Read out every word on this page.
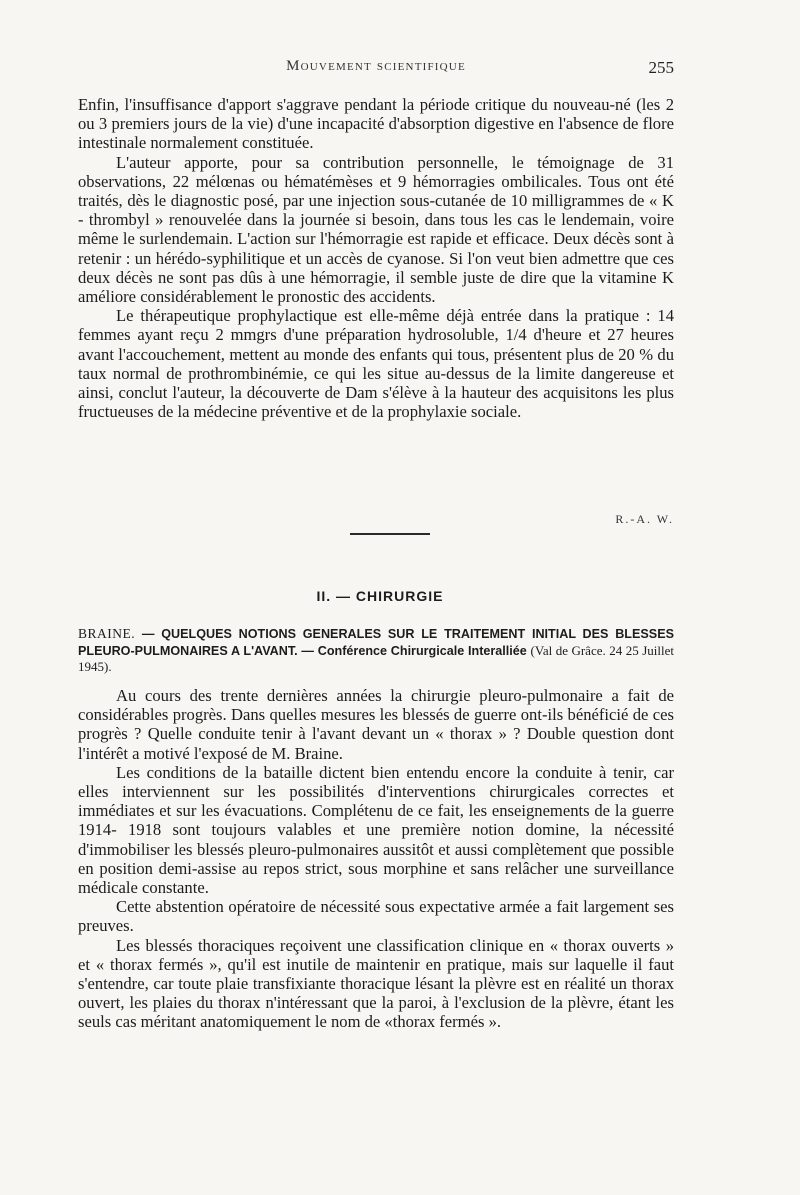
Mouvement scientifique	255

Enfin, l'insuffisance d'apport s'aggrave pendant la période critique du nouveau-né (les 2 ou 3 premiers jours de la vie) d'une incapacité d'absorption digestive en l'absence de flore intestinale normalement constituée.

L'auteur apporte, pour sa contribution personnelle, le témoignage de 31 observations, 22 mélœnas ou hématémèses et 9 hémorragies ombilicales. Tous ont été traités, dès le diagnostic posé, par une injection sous-cutanée de 10 milligrammes de « K - thrombyl » renouvelée dans la journée si besoin, dans tous les cas le lendemain, voire même le surlendemain. L'action sur l'hémorragie est rapide et efficace. Deux décès sont à retenir : un hérédo-syphilitique et un accès de cyanose. Si l'on veut bien admettre que ces deux décès ne sont pas dûs à une hémorragie, il semble juste de dire que la vitamine K améliore considérablement le pronostic des accidents.

Le thérapeutique prophylactique est elle-même déjà entrée dans la pratique : 14 femmes ayant reçu 2 mmgrs d'une préparation hydrosoluble, 1/4 d'heure et 27 heures avant l'accouchement, mettent au monde des enfants qui tous, présentent plus de 20 % du taux normal de prothrombinémie, ce qui les situe au-dessus de la limite dangereuse et ainsi, conclut l'auteur, la découverte de Dam s'élève à la hauteur des acquisitons les plus fructueuses de la médecine préventive et de la prophylaxie sociale.

R.-A. W.
II. — CHIRURGIE
BRAINE. — QUELQUES NOTIONS GENERALES SUR LE TRAITEMENT INITIAL DES BLESSES PLEURO-PULMONAIRES A L'AVANT. — Conférence Chirurgicale Interalliée (Val de Grâce. 24 25 Juillet 1945).

Au cours des trente dernières années la chirurgie pleuro-pulmonaire a fait de considérables progrès. Dans quelles mesures les blessés de guerre ont-ils bénéficié de ces progrès ? Quelle conduite tenir à l'avant devant un « thorax » ? Double question dont l'intérêt a motivé l'exposé de M. Braine.

Les conditions de la bataille dictent bien entendu encore la conduite à tenir, car elles interviennent sur les possibilités d'interventions chirurgicales correctes et immédiates et sur les évacuations. Complétenu de ce fait, les enseignements de la guerre 1914- 1918 sont toujours valables et une première notion domine, la nécessité d'immobiliser les blessés pleuro-pulmonaires aussitôt et aussi complètement que possible en position demi-assise au repos strict, sous morphine et sans relâcher une surveillance médicale constante.

Cette abstention opératoire de nécessité sous expectative armée a fait largement ses preuves.

Les blessés thoraciques reçoivent une classification clinique en « thorax ouverts » et « thorax fermés », qu'il est inutile de maintenir en pratique, mais sur laquelle il faut s'entendre, car toute plaie transfixiante thoracique lésant la plèvre est en réalité un thorax ouvert, les plaies du thorax n'intéressant que la paroi, à l'exclusion de la plèvre, étant les seuls cas méritant anatomiquement le nom de «thorax fermés ».
